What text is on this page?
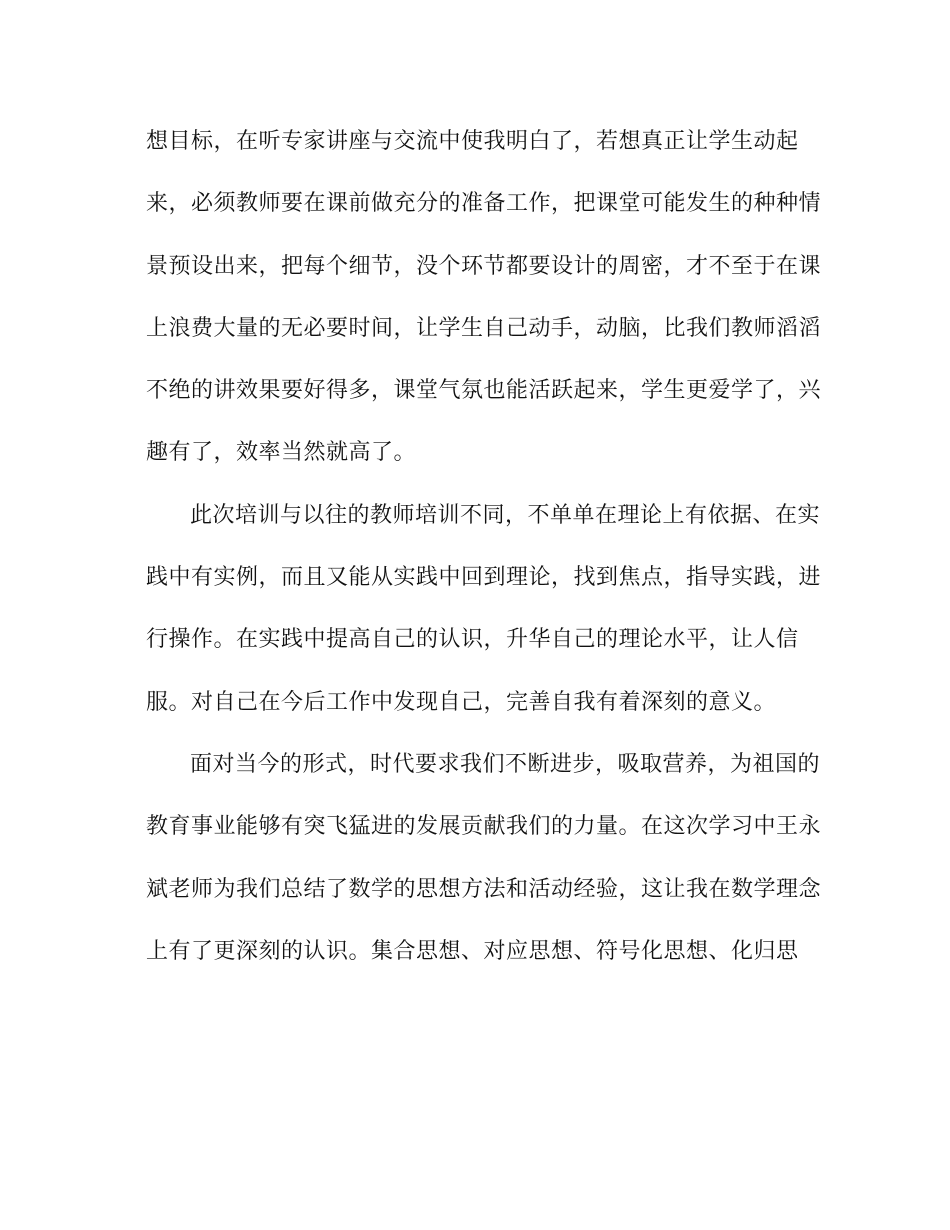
想目标，在听专家讲座与交流中使我明白了，若想真正让学生动起
来，必须教师要在课前做充分的准备工作，把课堂可能发生的种种情
景预设出来，把每个细节，没个环节都要设计的周密，才不至于在课
上浪费大量的无必要时间，让学生自己动手，动脑，比我们教师滔滔
不绝的讲效果要好得多，课堂气氛也能活跃起来，学生更爱学了，兴
趣有了，效率当然就高了。
此次培训与以往的教师培训不同，不单单在理论上有依据、在实
践中有实例，而且又能从实践中回到理论，找到焦点，指导实践，进
行操作。在实践中提高自己的认识，升华自己的理论水平，让人信
服。对自己在今后工作中发现自己，完善自我有着深刻的意义。
面对当今的形式，时代要求我们不断进步，吸取营养，为祖国的
教育事业能够有突飞猛进的发展贡献我们的力量。在这次学习中王永
斌老师为我们总结了数学的思想方法和活动经验，这让我在数学理念
上有了更深刻的认识。集合思想、对应思想、符号化思想、化归思
